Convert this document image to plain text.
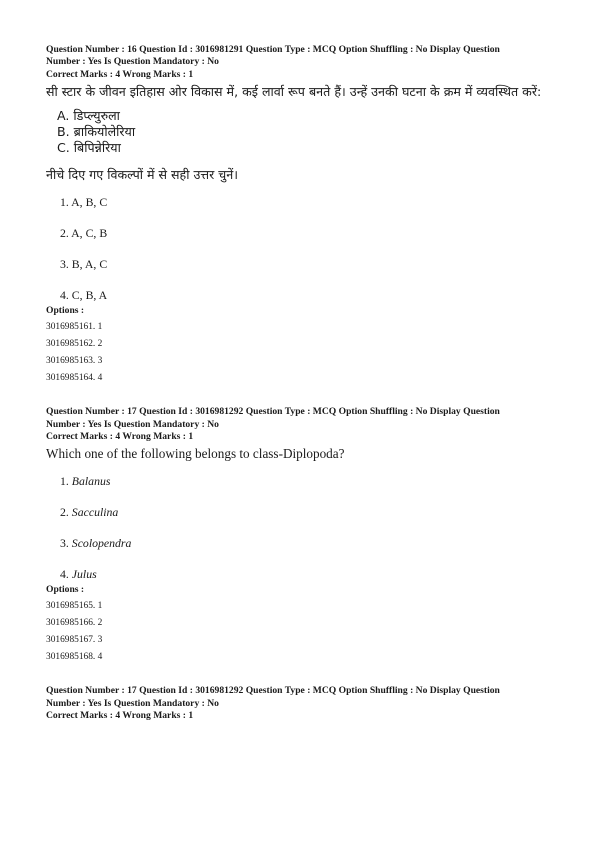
Question Number : 16 Question Id : 3016981291 Question Type : MCQ Option Shuffling : No Display Question

Number : Yes Is Question Mandatory : No

Correct Marks : 4 Wrong Marks : 1

सी स्टार के जीवन इतिहास ओर विकास में, कई लार्वा रूप बनते हैं। उन्हें उनकी घटना के क्रम में व्यवस्थित करें:

A. डिप्ल्युरुला
B. ब्राकियोलेरिया
C. बिपिन्नेरिया

नीचे दिए गए विकल्पों में से सही उत्तर चुनें।

1. A, B, C
2. A, C, B
3. B, A, C
4. C, B, A

Options :

3016985161. 1
3016985162. 2
3016985163. 3
3016985164. 4

Question Number : 17 Question Id : 3016981292 Question Type : MCQ Option Shuffling : No Display Question

Number : Yes Is Question Mandatory : No

Correct Marks : 4 Wrong Marks : 1

Which one of the following belongs to class-Diplopoda?

1. Balanus
2. Sacculina
3. Scolopendra
4. Julus

Options :

3016985165. 1
3016985166. 2
3016985167. 3
3016985168. 4

Question Number : 17 Question Id : 3016981292 Question Type : MCQ Option Shuffling : No Display Question

Number : Yes Is Question Mandatory : No

Correct Marks : 4 Wrong Marks : 1
